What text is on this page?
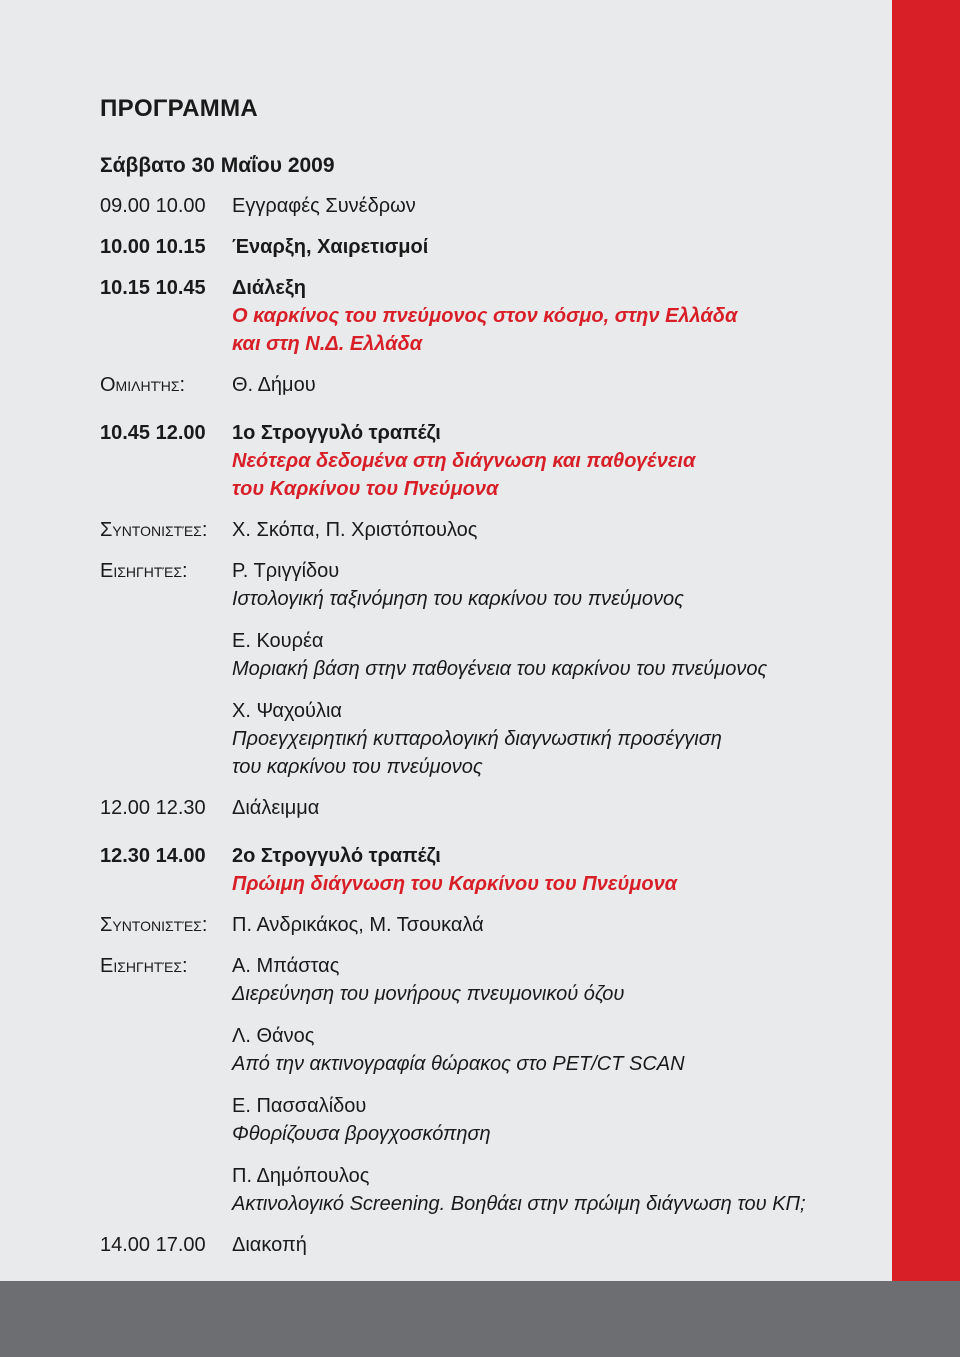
ΠΡΟΓΡΑΜΜΑ
Σάββατο 30 Μαΐου 2009
09.00 10.00	Εγγραφές Συνέδρων
10.00 10.15	Έναρξη, Χαιρετισμοί
10.15 10.45	Διάλεξη
Ο καρκίνος του πνεύμονος στον κόσμο, στην Ελλάδα
και στη Ν.Δ. Ελλάδα
Ομιλητής:	Θ. Δήμου
10.45 12.00	1ο Στρογγυλό τραπέζι
Νεότερα δεδομένα στη διάγνωση και παθογένεια
του Καρκίνου του Πνεύμονα
Συντονιστές:	Χ. Σκόπα, Π. Χριστόπουλος
Εισηγητές:	Ρ. Τριγγίδου
Ιστολογική ταξινόμηση του καρκίνου του πνεύμονος
Ε. Κουρέα
Μοριακή βάση στην παθογένεια του καρκίνου του πνεύμονος
Χ. Ψαχούλια
Προεγχειρητική κυτταρολογική διαγνωστική προσέγγιση
του καρκίνου του πνεύμονος
12.00 12.30	Διάλειμμα
12.30 14.00	2ο Στρογγυλό τραπέζι
Πρώιμη διάγνωση του Καρκίνου του Πνεύμονα
Συντονιστές:	Π. Ανδρικάκος, Μ. Τσουκαλά
Εισηγητές:	Α. Μπάστας
Διερεύνηση του μονήρους πνευμονικού όζου
Λ. Θάνος
Από την ακτινογραφία θώρακος στο PET/CT SCAN
Ε. Πασσαλίδου
Φθορίζουσα βρογχοσκόπηση
Π. Δημόπουλος
Ακτινολογικό Screening. Βοηθάει στην πρώιμη διάγνωση του ΚΠ;
14.00 17.00	Διακοπή
